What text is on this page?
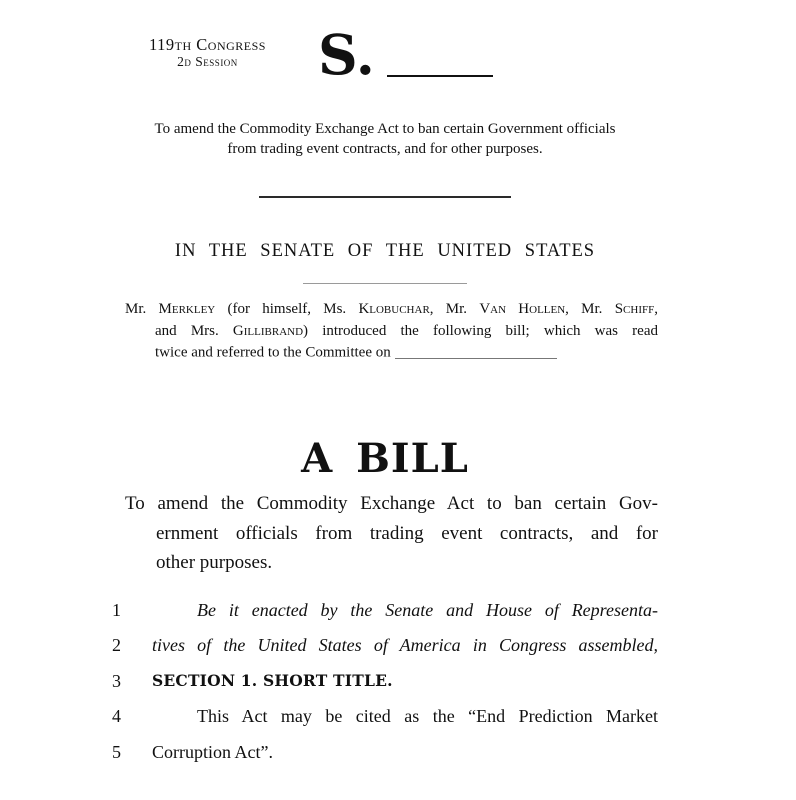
119th Congress
2d Session	S.
To amend the Commodity Exchange Act to ban certain Government officials
from trading event contracts, and for other purposes.
IN THE SENATE OF THE UNITED STATES
Mr. Merkley (for himself, Ms. Klobuchar, Mr. Van Hollen, Mr. Schiff,
and Mrs. Gillibrand) introduced the following bill; which was read
twice and referred to the Committee on
A BILL
To amend the Commodity Exchange Act to ban certain Gov-
ernment officials from trading event contracts, and for
other purposes.
1	Be it enacted by the Senate and House of Representa-
2 tives of the United States of America in Congress assembled,
3 SECTION 1. SHORT TITLE.
4	This Act may be cited as the “End Prediction Market
5 Corruption Act”.
